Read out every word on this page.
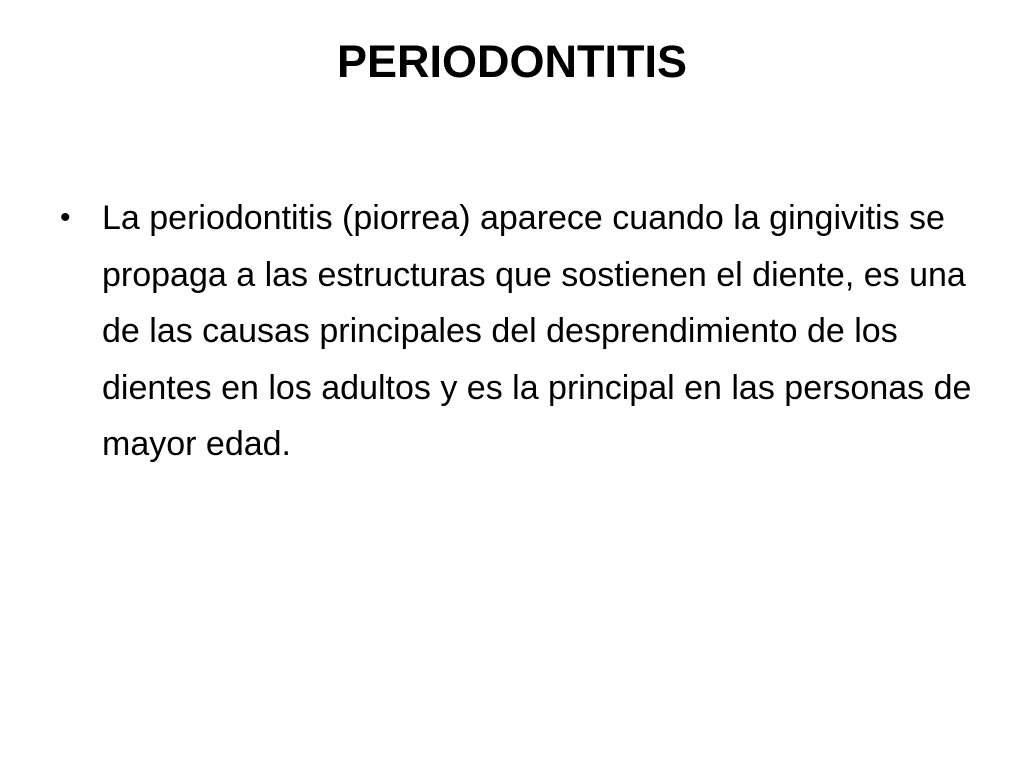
PERIODONTITIS
• La periodontitis (piorrea) aparece cuando la gingivitis se propaga a las estructuras que sostienen el diente, es una de las causas principales del desprendimiento de los dientes en los adultos y es la principal en las personas de mayor edad.
